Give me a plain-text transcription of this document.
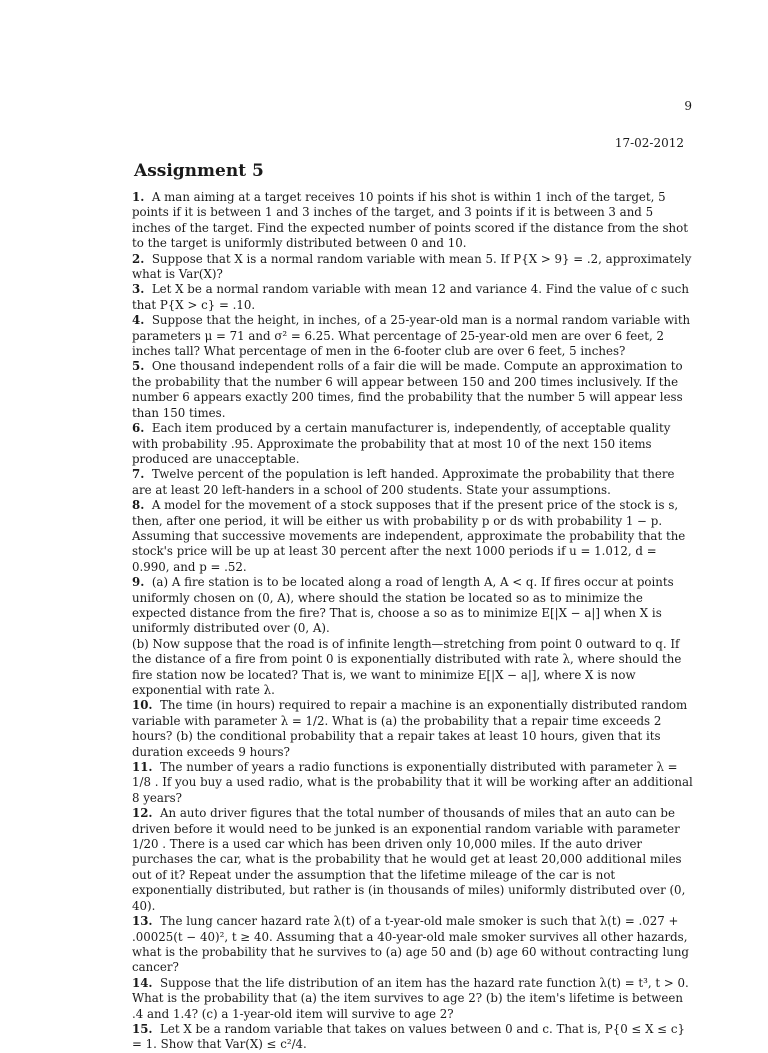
9
17-02-2012
Assignment 5

1. A man aiming at a target receives 10 points if his shot is within 1 inch of the target, 5 points if it is between 1 and 3 inches of the target, and 3 points if it is between 3 and 5 inches of the target. Find the expected number of points scored if the distance from the shot to the target is uniformly distributed between 0 and 10.

2. Suppose that X is a normal random variable with mean 5. If P{X > 9} = .2, approximately what is Var(X)?

3. Let X be a normal random variable with mean 12 and variance 4. Find the value of c such that P{X > c} = .10.

4. Suppose that the height, in inches, of a 25-year-old man is a normal random variable with parameters μ = 71 and σ² = 6.25. What percentage of 25-year-old men are over 6 feet, 2 inches tall? What percentage of men in the 6-footer club are over 6 feet, 5 inches?

5. One thousand independent rolls of a fair die will be made. Compute an approximation to the probability that the number 6 will appear between 150 and 200 times inclusively. If the number 6 appears exactly 200 times, find the probability that the number 5 will appear less than 150 times.

6. Each item produced by a certain manufacturer is, independently, of acceptable quality with probability .95. Approximate the probability that at most 10 of the next 150 items produced are unacceptable.

7. Twelve percent of the population is left handed. Approximate the probability that there are at least 20 left-handers in a school of 200 students. State your assumptions.

8. A model for the movement of a stock supposes that if the present price of the stock is s, then, after one period, it will be either us with probability p or ds with probability 1 − p. Assuming that successive movements are independent, approximate the probability that the stock's price will be up at least 30 percent after the next 1000 periods if u = 1.012, d = 0.990, and p = .52.

9. (a) A fire station is to be located along a road of length A, A < q. If fires occur at points uniformly chosen on (0, A), where should the station be located so as to minimize the expected distance from the fire? That is, choose a so as to minimize E[|X − a|] when X is uniformly distributed over (0, A).

(b) Now suppose that the road is of infinite length—stretching from point 0 outward to q. If the distance of a fire from point 0 is exponentially distributed with rate λ, where should the fire station now be located? That is, we want to minimize E[|X − a|], where X is now exponential with rate λ.

10. The time (in hours) required to repair a machine is an exponentially distributed random variable with parameter λ = 1/2. What is (a) the probability that a repair time exceeds 2 hours? (b) the conditional probability that a repair takes at least 10 hours, given that its duration exceeds 9 hours?

11. The number of years a radio functions is exponentially distributed with parameter λ = 1/8 . If you buy a used radio, what is the probability that it will be working after an additional 8 years?

12. An auto driver figures that the total number of thousands of miles that an auto can be driven before it would need to be junked is an exponential random variable with parameter 1/20 . There is a used car which has been driven only 10,000 miles. If the auto driver purchases the car, what is the probability that he would get at least 20,000 additional miles out of it? Repeat under the assumption that the lifetime mileage of the car is not exponentially distributed, but rather is (in thousands of miles) uniformly distributed over (0, 40).

13. The lung cancer hazard rate λ(t) of a t-year-old male smoker is such that λ(t) = .027 + .00025(t − 40)², t ≥ 40. Assuming that a 40-year-old male smoker survives all other hazards, what is the probability that he survives to (a) age 50 and (b) age 60 without contracting lung cancer?

14. Suppose that the life distribution of an item has the hazard rate function λ(t) = t³, t > 0. What is the probability that (a) the item survives to age 2? (b) the item's lifetime is between .4 and 1.4? (c) a 1-year-old item will survive to age 2?

15. Let X be a random variable that takes on values between 0 and c. That is, P{0 ≤ X ≤ c} = 1. Show that Var(X) ≤ c²/4.
